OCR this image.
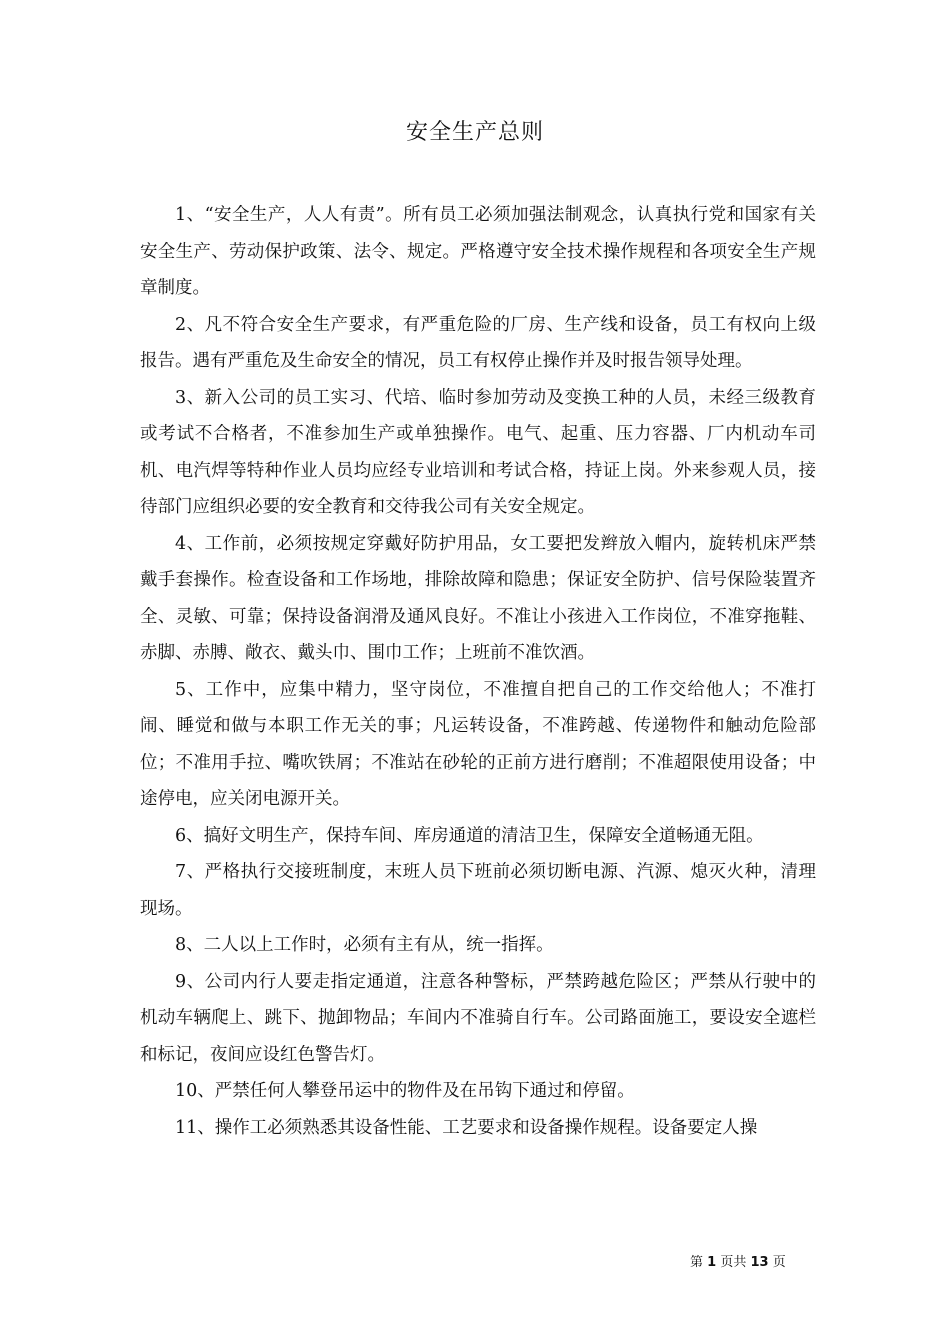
安全生产总则

1、“安全生产，人人有责”。所有员工必须加强法制观念，认真执行党和国家有关安全生产、劳动保护政策、法令、规定。严格遵守安全技术操作规程和各项安全生产规章制度。

2、凡不符合安全生产要求，有严重危险的厂房、生产线和设备，员工有权向上级报告。遇有严重危及生命安全的情况，员工有权停止操作并及时报告领导处理。

3、新入公司的员工实习、代培、临时参加劳动及变换工种的人员，未经三级教育或考试不合格者，不准参加生产或单独操作。电气、起重、压力容器、厂内机动车司机、电汽焊等特种作业人员均应经专业培训和考试合格，持证上岗。外来参观人员，接待部门应组织必要的安全教育和交待我公司有关安全规定。

4、工作前，必须按规定穿戴好防护用品，女工要把发辫放入帽内，旋转机床严禁戴手套操作。检查设备和工作场地，排除故障和隐患；保证安全防护、信号保险装置齐全、灵敏、可靠；保持设备润滑及通风良好。不准让小孩进入工作岗位，不准穿拖鞋、赤脚、赤膊、敞衣、戴头巾、围巾工作；上班前不准饮酒。

5、工作中，应集中精力，坚守岗位，不准擅自把自己的工作交给他人；不准打闹、睡觉和做与本职工作无关的事；凡运转设备，不准跨越、传递物件和触动危险部位；不准用手拉、嘴吹铁屑；不准站在砂轮的正前方进行磨削；不准超限使用设备；中途停电，应关闭电源开关。

6、搞好文明生产，保持车间、库房通道的清洁卫生，保障安全道畅通无阻。

7、严格执行交接班制度，末班人员下班前必须切断电源、汽源、熄灭火种，清理现场。

8、二人以上工作时，必须有主有从，统一指挥。

9、公司内行人要走指定通道，注意各种警标，严禁跨越危险区；严禁从行驶中的机动车辆爬上、跳下、抛卸物品；车间内不准骑自行车。公司路面施工，要设安全遮栏和标记，夜间应设红色警告灯。

10、严禁任何人攀登吊运中的物件及在吊钩下通过和停留。

11、操作工必须熟悉其设备性能、工艺要求和设备操作规程。设备要定人操

第 1 页共 13 页
